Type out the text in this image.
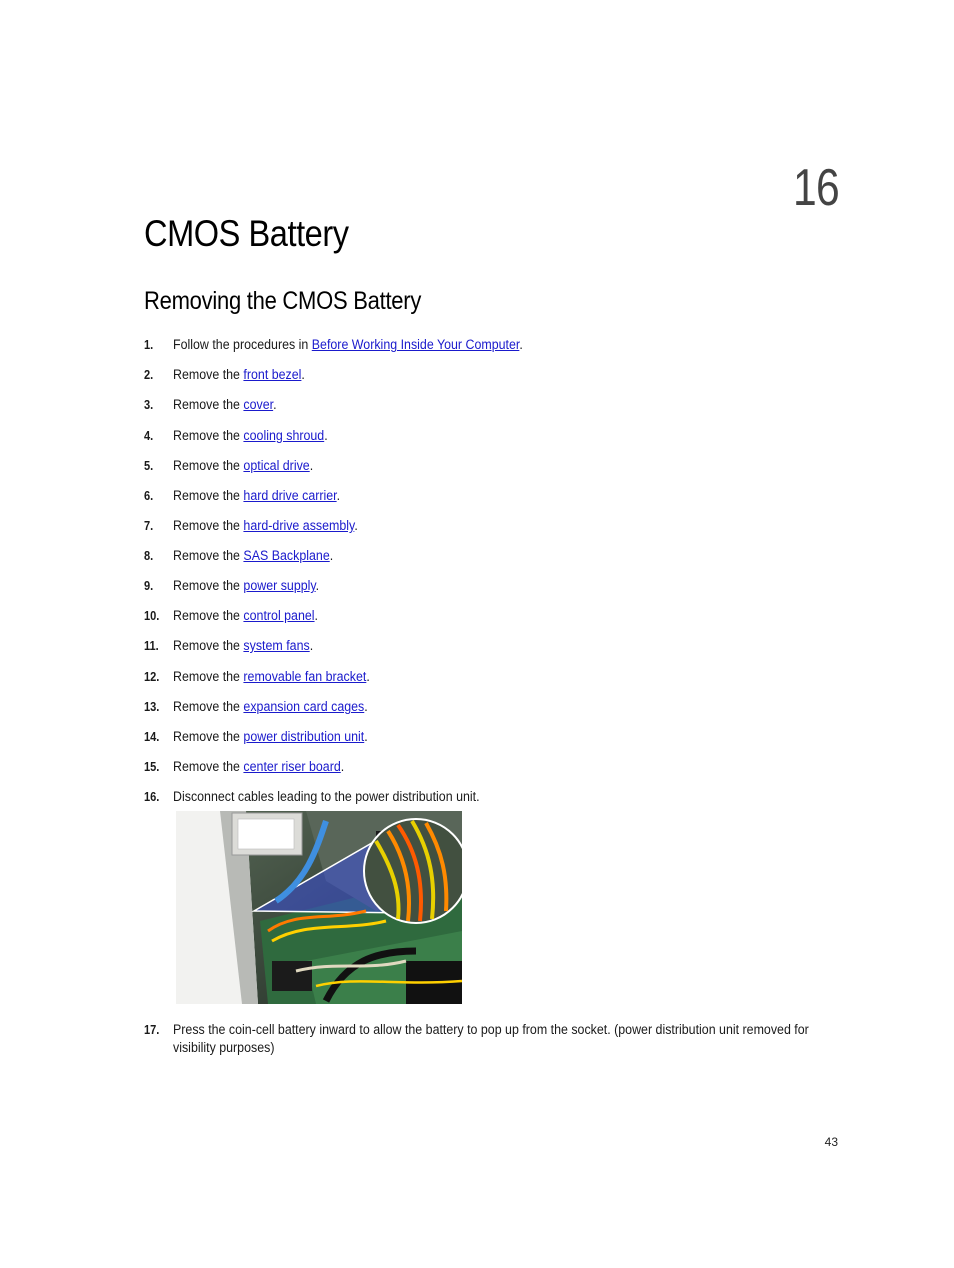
16
CMOS Battery
Removing the CMOS Battery
1. Follow the procedures in Before Working Inside Your Computer.
2. Remove the front bezel.
3. Remove the cover.
4. Remove the cooling shroud.
5. Remove the optical drive.
6. Remove the hard drive carrier.
7. Remove the hard-drive assembly.
8. Remove the SAS Backplane.
9. Remove the power supply.
10. Remove the control panel.
11. Remove the system fans.
12. Remove the removable fan bracket.
13. Remove the expansion card cages.
14. Remove the power distribution unit.
15. Remove the center riser board.
16. Disconnect cables leading to the power distribution unit.
17. Press the coin-cell battery inward to allow the battery to pop up from the socket. (power distribution unit removed for visibility purposes)
43
